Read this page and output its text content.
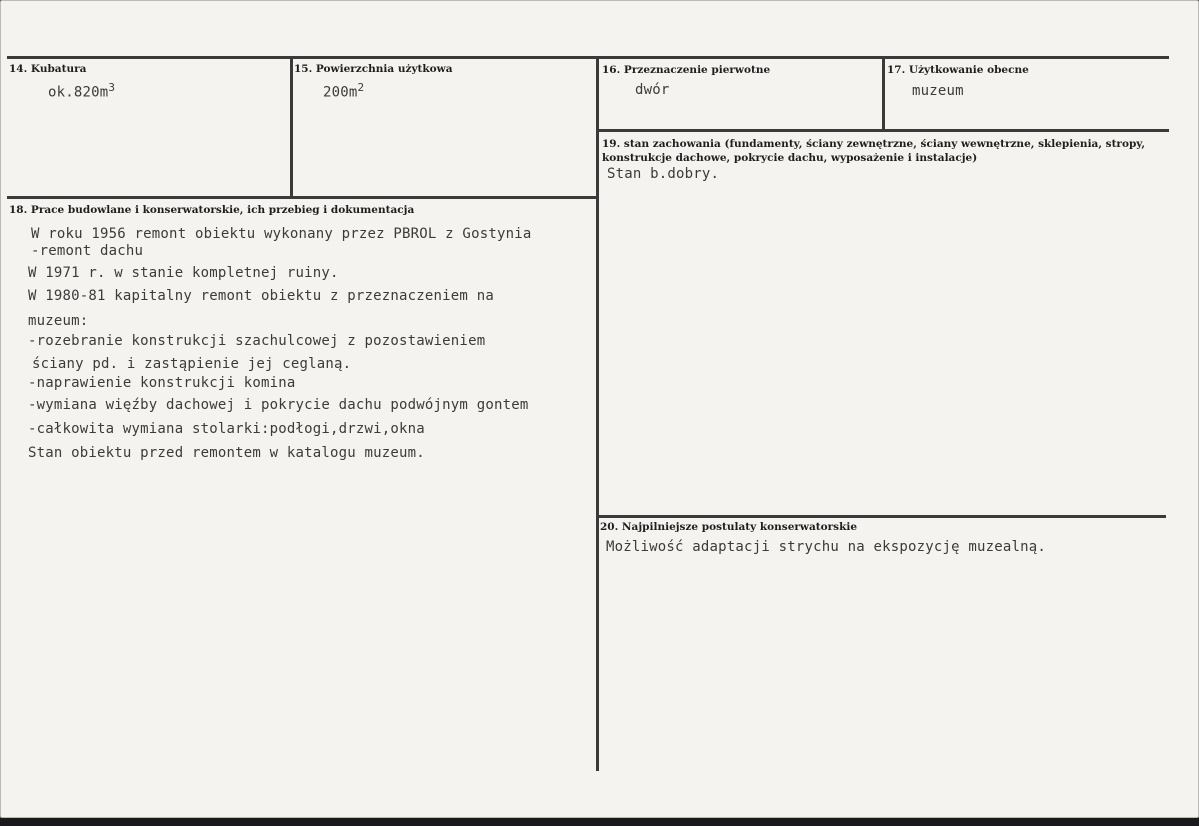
14. Kubatura
$ok.820m^3$
15. Powierzchnia użytkowa
$200m^2$
16. Przeznaczenie pierwotne
dwór
17. Użytkowanie obecne
muzeum
19. stan zachowania (fundamenty, ściany zewnętrzne, ściany wewnętrzne, sklepienia, stropy, konstrukcje dachowe, pokrycie dachu, wyposażenie i instalacje)
Stan b.dobry.
18. Prace budowlane i konserwatorskie, ich przebieg i dokumentacja
W roku 1956 remont obiektu wykonany przez PBROL z Gostynia
-remont dachu
W 1971 r. w stanie kompletnej ruiny.
W 1980-81 kapitalny remont obiektu z przeznaczeniem na
muzeum:
-rozebranie konstrukcji szachulcowej z pozostawieniem
ściany pd. i zastąpienie jej ceglaną.
-naprawienie konstrukcji komina
-wymiana więźby dachowej i pokrycie dachu podwójnym gontem
-całkowita wymiana stolarki:podłogi,drzwi,okna
Stan obiektu przed remontem w katalogu muzeum.
20. Najpilniejsze postulaty konserwatorskie
Możliwość adaptacji strychu na ekspozycję muzealną.
